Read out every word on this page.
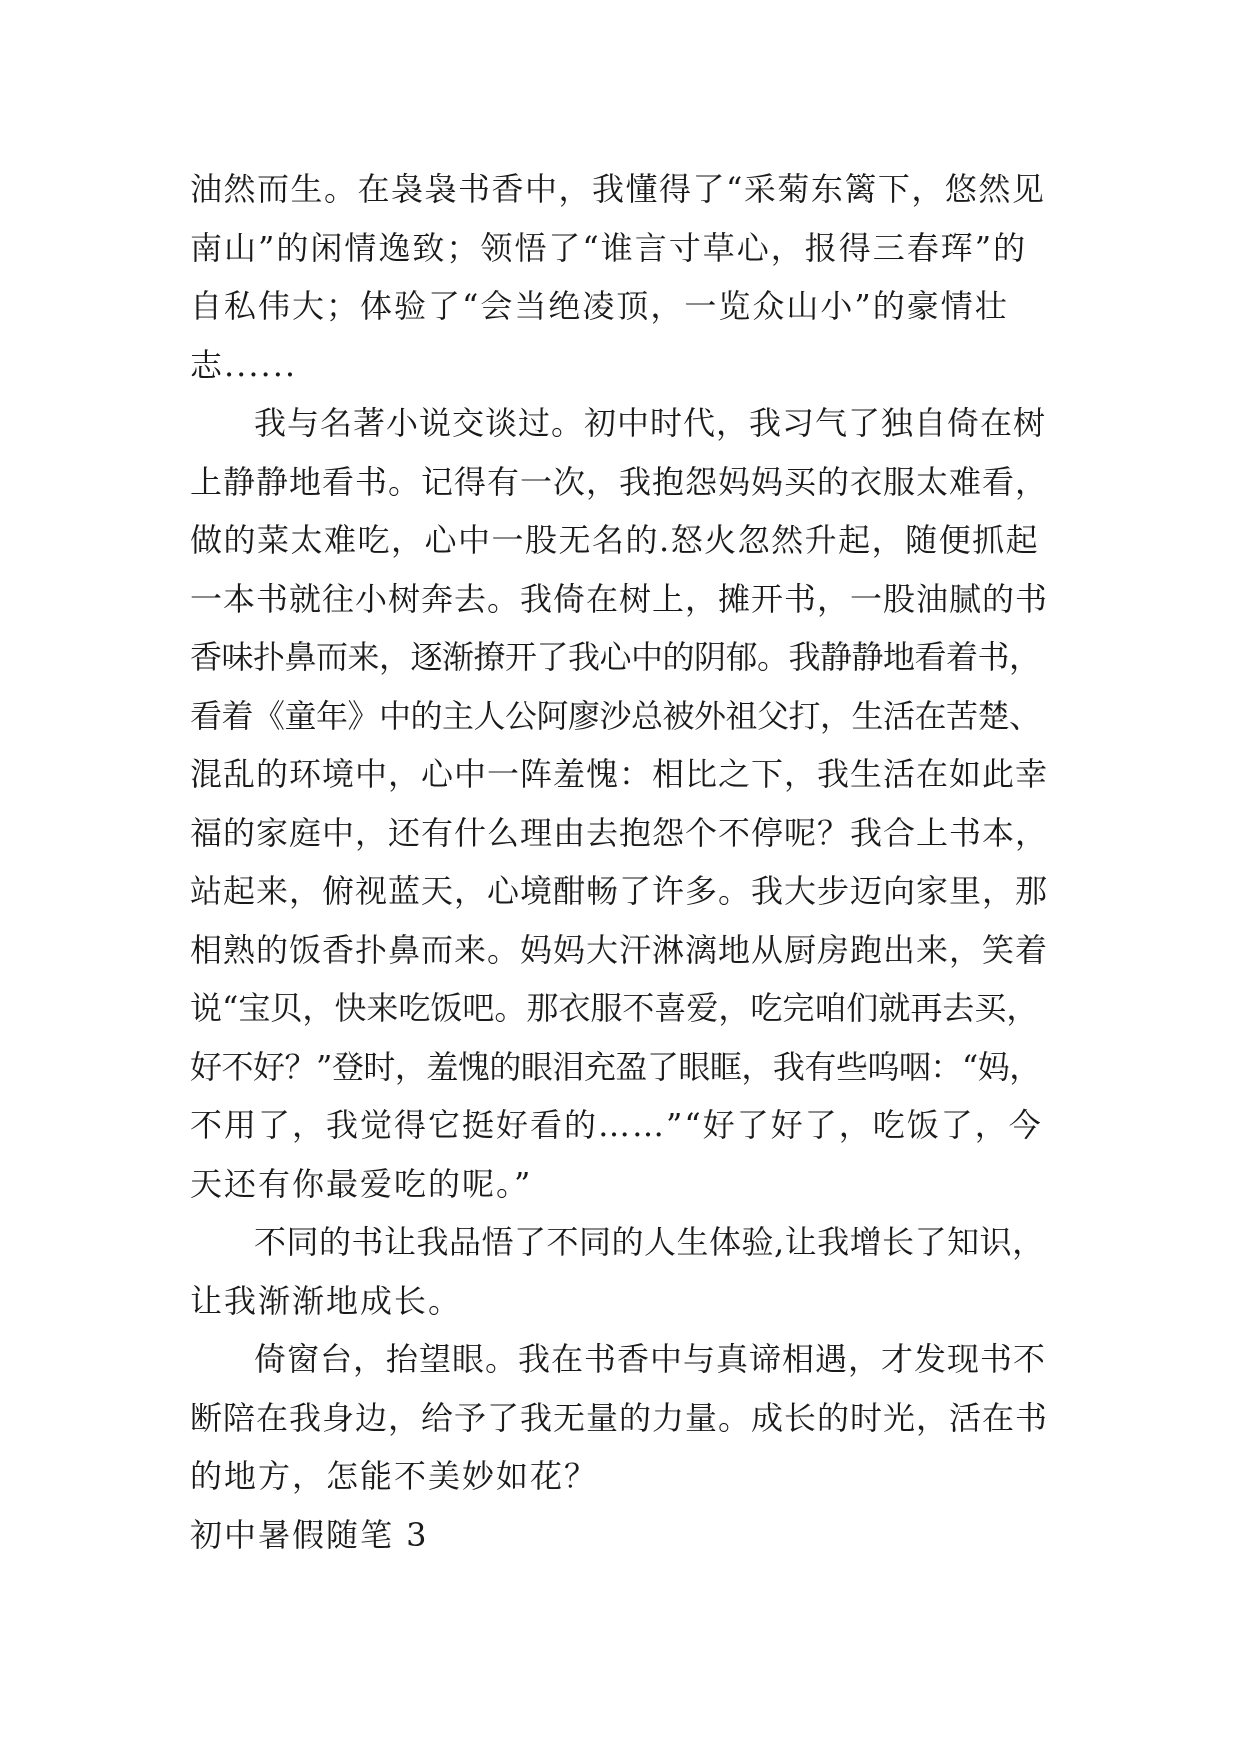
油然而生。在袅袅书香中，我懂得了“采菊东篱下，悠然见
南山”的闲情逸致；领悟了“谁言寸草心，报得三春珲”的
自私伟大；体验了“会当绝凌顶，一览众山小”的豪情壮
志......
我与名著小说交谈过。初中时代，我习气了独自倚在树
上静静地看书。记得有一次，我抱怨妈妈买的衣服太难看，
做的菜太难吃，心中一股无名的.怒火忽然升起，随便抓起
一本书就往小树奔去。我倚在树上，摊开书，一股油腻的书
香味扑鼻而来，逐渐撩开了我心中的阴郁。我静静地看着书，
看着《童年》中的主人公阿廖沙总被外祖父打，生活在苦楚、
混乱的环境中，心中一阵羞愧：相比之下，我生活在如此幸
福的家庭中，还有什么理由去抱怨个不停呢？我合上书本，
站起来，俯视蓝天，心境酣畅了许多。我大步迈向家里，那
相熟的饭香扑鼻而来。妈妈大汗淋漓地从厨房跑出来，笑着
说“宝贝，快来吃饭吧。那衣服不喜爱，吃完咱们就再去买，
好不好？”登时，羞愧的眼泪充盈了眼眶，我有些呜咽：“妈，
不用了，我觉得它挺好看的……”“好了好了，吃饭了，今
天还有你最爱吃的呢。”
不同的书让我品悟了不同的人生体验,让我增长了知识，
让我渐渐地成长。
倚窗台，抬望眼。我在书香中与真谛相遇，才发现书不
断陪在我身边，给予了我无量的力量。成长的时光，活在书
的地方，怎能不美妙如花？
初中暑假随笔 3
